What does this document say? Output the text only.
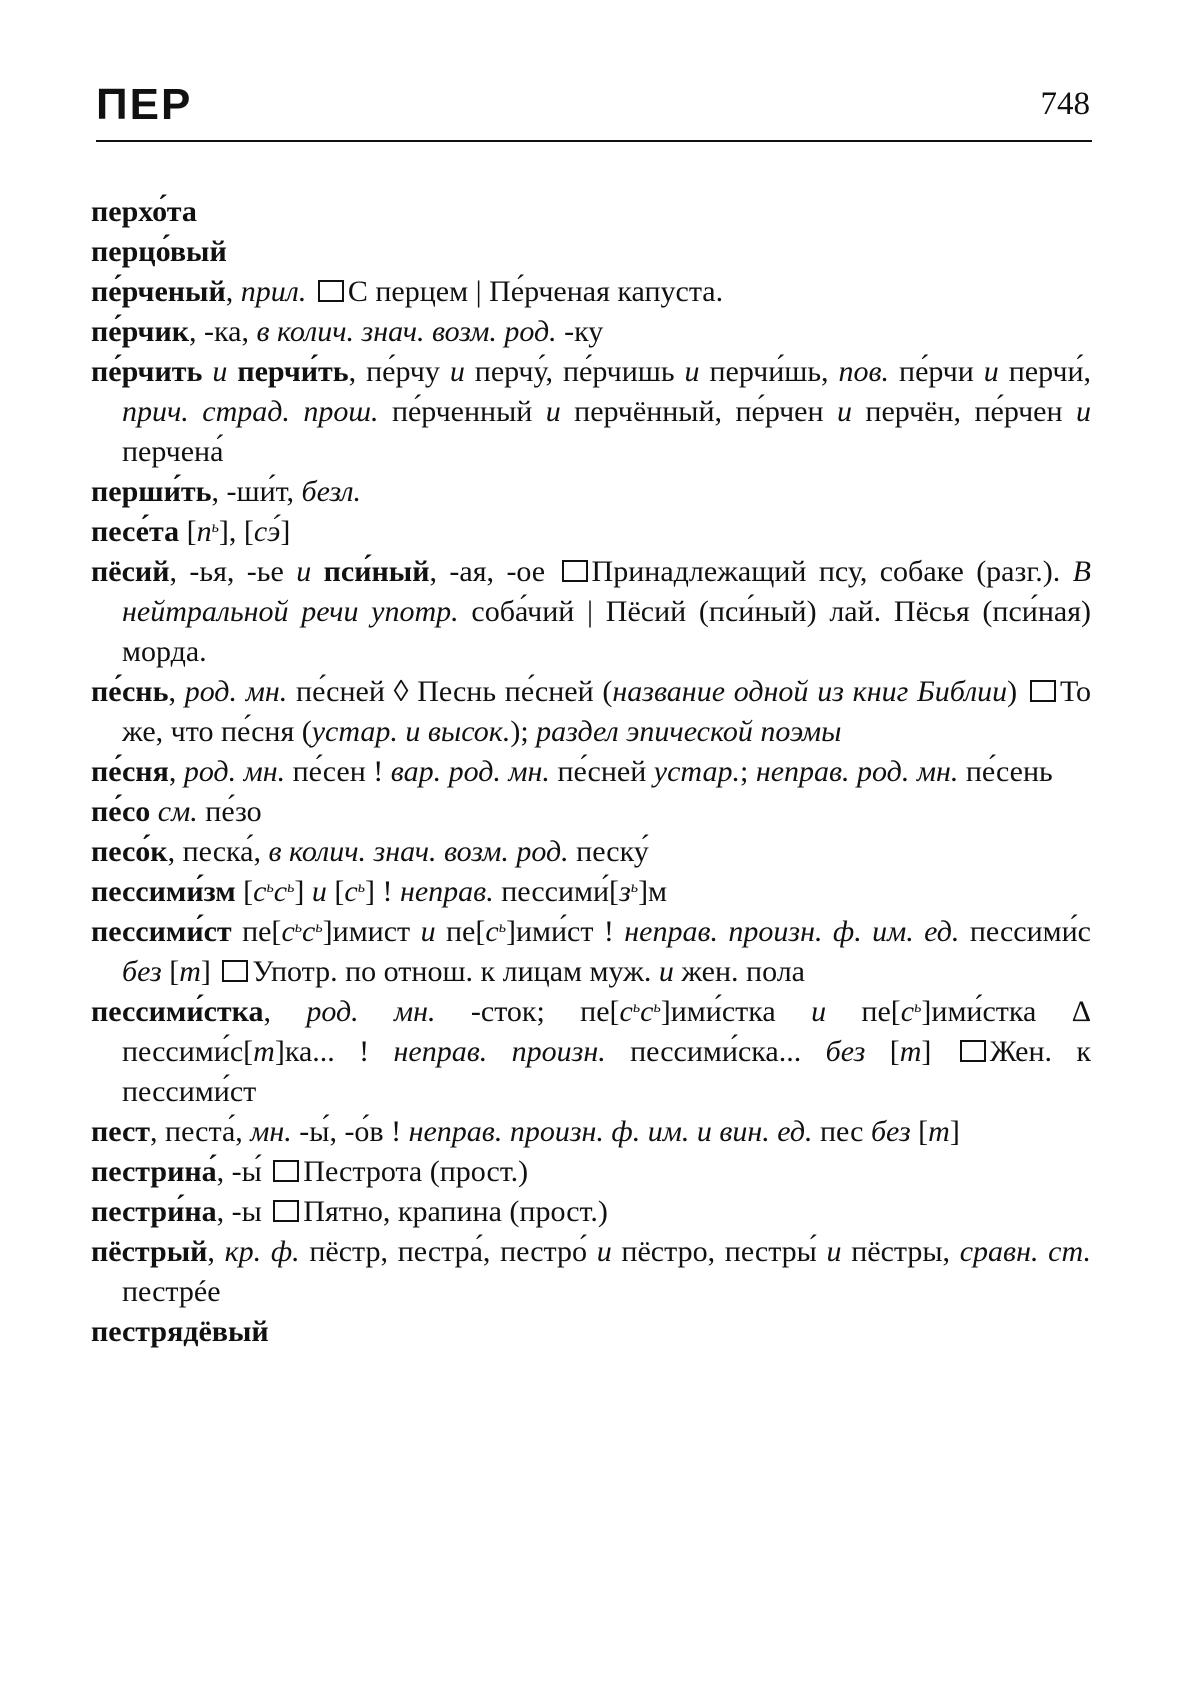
ПЕР	748
перхо́та
перцо́вый
пе́рченый, прил. С перцем | Пе́рченая капуста.
пе́рчик, -ка, в колич. знач. возм. род. -ку
пе́рчить и перчи́ть, пе́рчу и перчу́, пе́рчишь и перчи́шь, пов. пе́рчи и перчи́, прич. страд. прош. пе́рченный и перчённый, пе́рчен и перчён, пе́рчен и перчена́
перши́ть, -ши́т, безл.
песе́та $[п^ь]$, [сэ́]
пёсий, -ья, -ье и пси́ный, -ая, -ое Принадлежащий псу, собаке (разг.). В нейтральной речи употр. соба́чий | Пёсий (пси́ный) лай. Пёсья (пси́ная) морда.
пе́снь, род. мн. пе́сней ◊ Песнь пе́сней (название одной из книг Библии) То же, что пе́сня (устар. и высок.); раздел эпической поэмы
пе́сня, род. мн. пе́сен ! вар. род. мн. пе́сней устар.; неправ. род. мн. пе́сень
пе́со см. пе́зо
песо́к, песка́, в колич. знач. возм. род. песку́
пессими́зм $[с^ьс^ь]$ и $[с^ь]$ ! неправ. $пессими́[з^ь]м$
пессими́ст $пе[с^ьс^ь]имист$ и $пе[с^ь]ими́ст$ ! неправ. произн. ф. им. ед. пессими́с без [т] Употр. по отнош. к лицам муж. и жен. пола
пессими́стка, род. мн. -сток; $пе[с^ьс^ь]ими́стка$ и $пе[с^ь]ими́стка$ Δ пессими́с[т]ка... ! неправ. произн. пессими́ска... без [т] Жен. к пессими́ст
пест, песта́, мн. -ы́, -о́в ! неправ. произн. ф. им. и вин. ед. пес без [т]
пестрина́, -ы́ Пестрота (прост.)
пестри́на, -ы Пятно, крапина (прост.)
пёстрый, кр. ф. пёстр, пестра́, пестро́ и пёстро, пестры́ и пёстры, сравн. ст. пестрée
пестрядёвый
